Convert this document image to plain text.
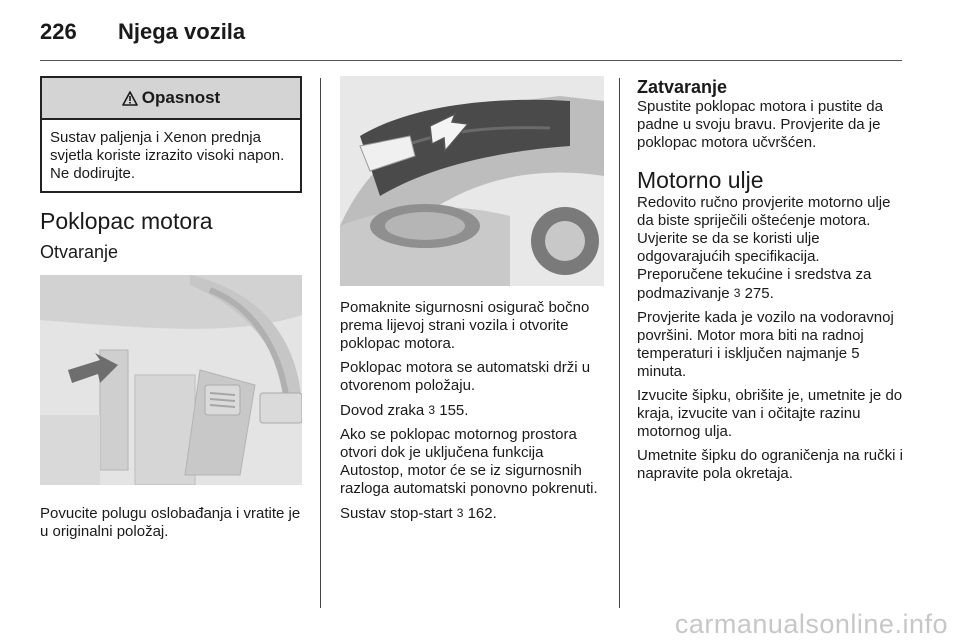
226	Njega vozila
Opasnost
Sustav paljenja i Xenon prednja svjetla koriste izrazito visoki napon. Ne dodirujte.
Poklopac motora
Otvaranje

Povucite polugu oslobađanja i vratite je u originalni položaj.

Pomaknite sigurnosni osigurač bočno prema lijevoj strani vozila i otvorite poklopac motora.

Poklopac motora se automatski drži u otvorenom položaju.

Dovod zraka 3 155.

Ako se poklopac motornog prostora otvori dok je uključena funkcija Autostop, motor će se iz sigurnosnih razloga automatski ponovno pokrenuti.

Sustav stop-start 3 162.

Zatvaranje

Spustite poklopac motora i pustite da padne u svoju bravu. Provjerite da je poklopac motora učvršćen.

Motorno ulje

Redovito ručno provjerite motorno ulje da biste spriječili oštećenje motora. Uvjerite se da se koristi ulje odgovarajućih specifikacija. Preporučene tekućine i sredstva za podmazivanje 3 275.

Provjerite kada je vozilo na vodoravnoj površini. Motor mora biti na radnoj temperaturi i isključen najmanje 5 minuta.

Izvucite šipku, obrišite je, umetnite je do kraja, izvucite van i očitajte razinu motornog ulja.

Umetnite šipku do ograničenja na ručki i napravite pola okretaja.

carmanualsonline.info
